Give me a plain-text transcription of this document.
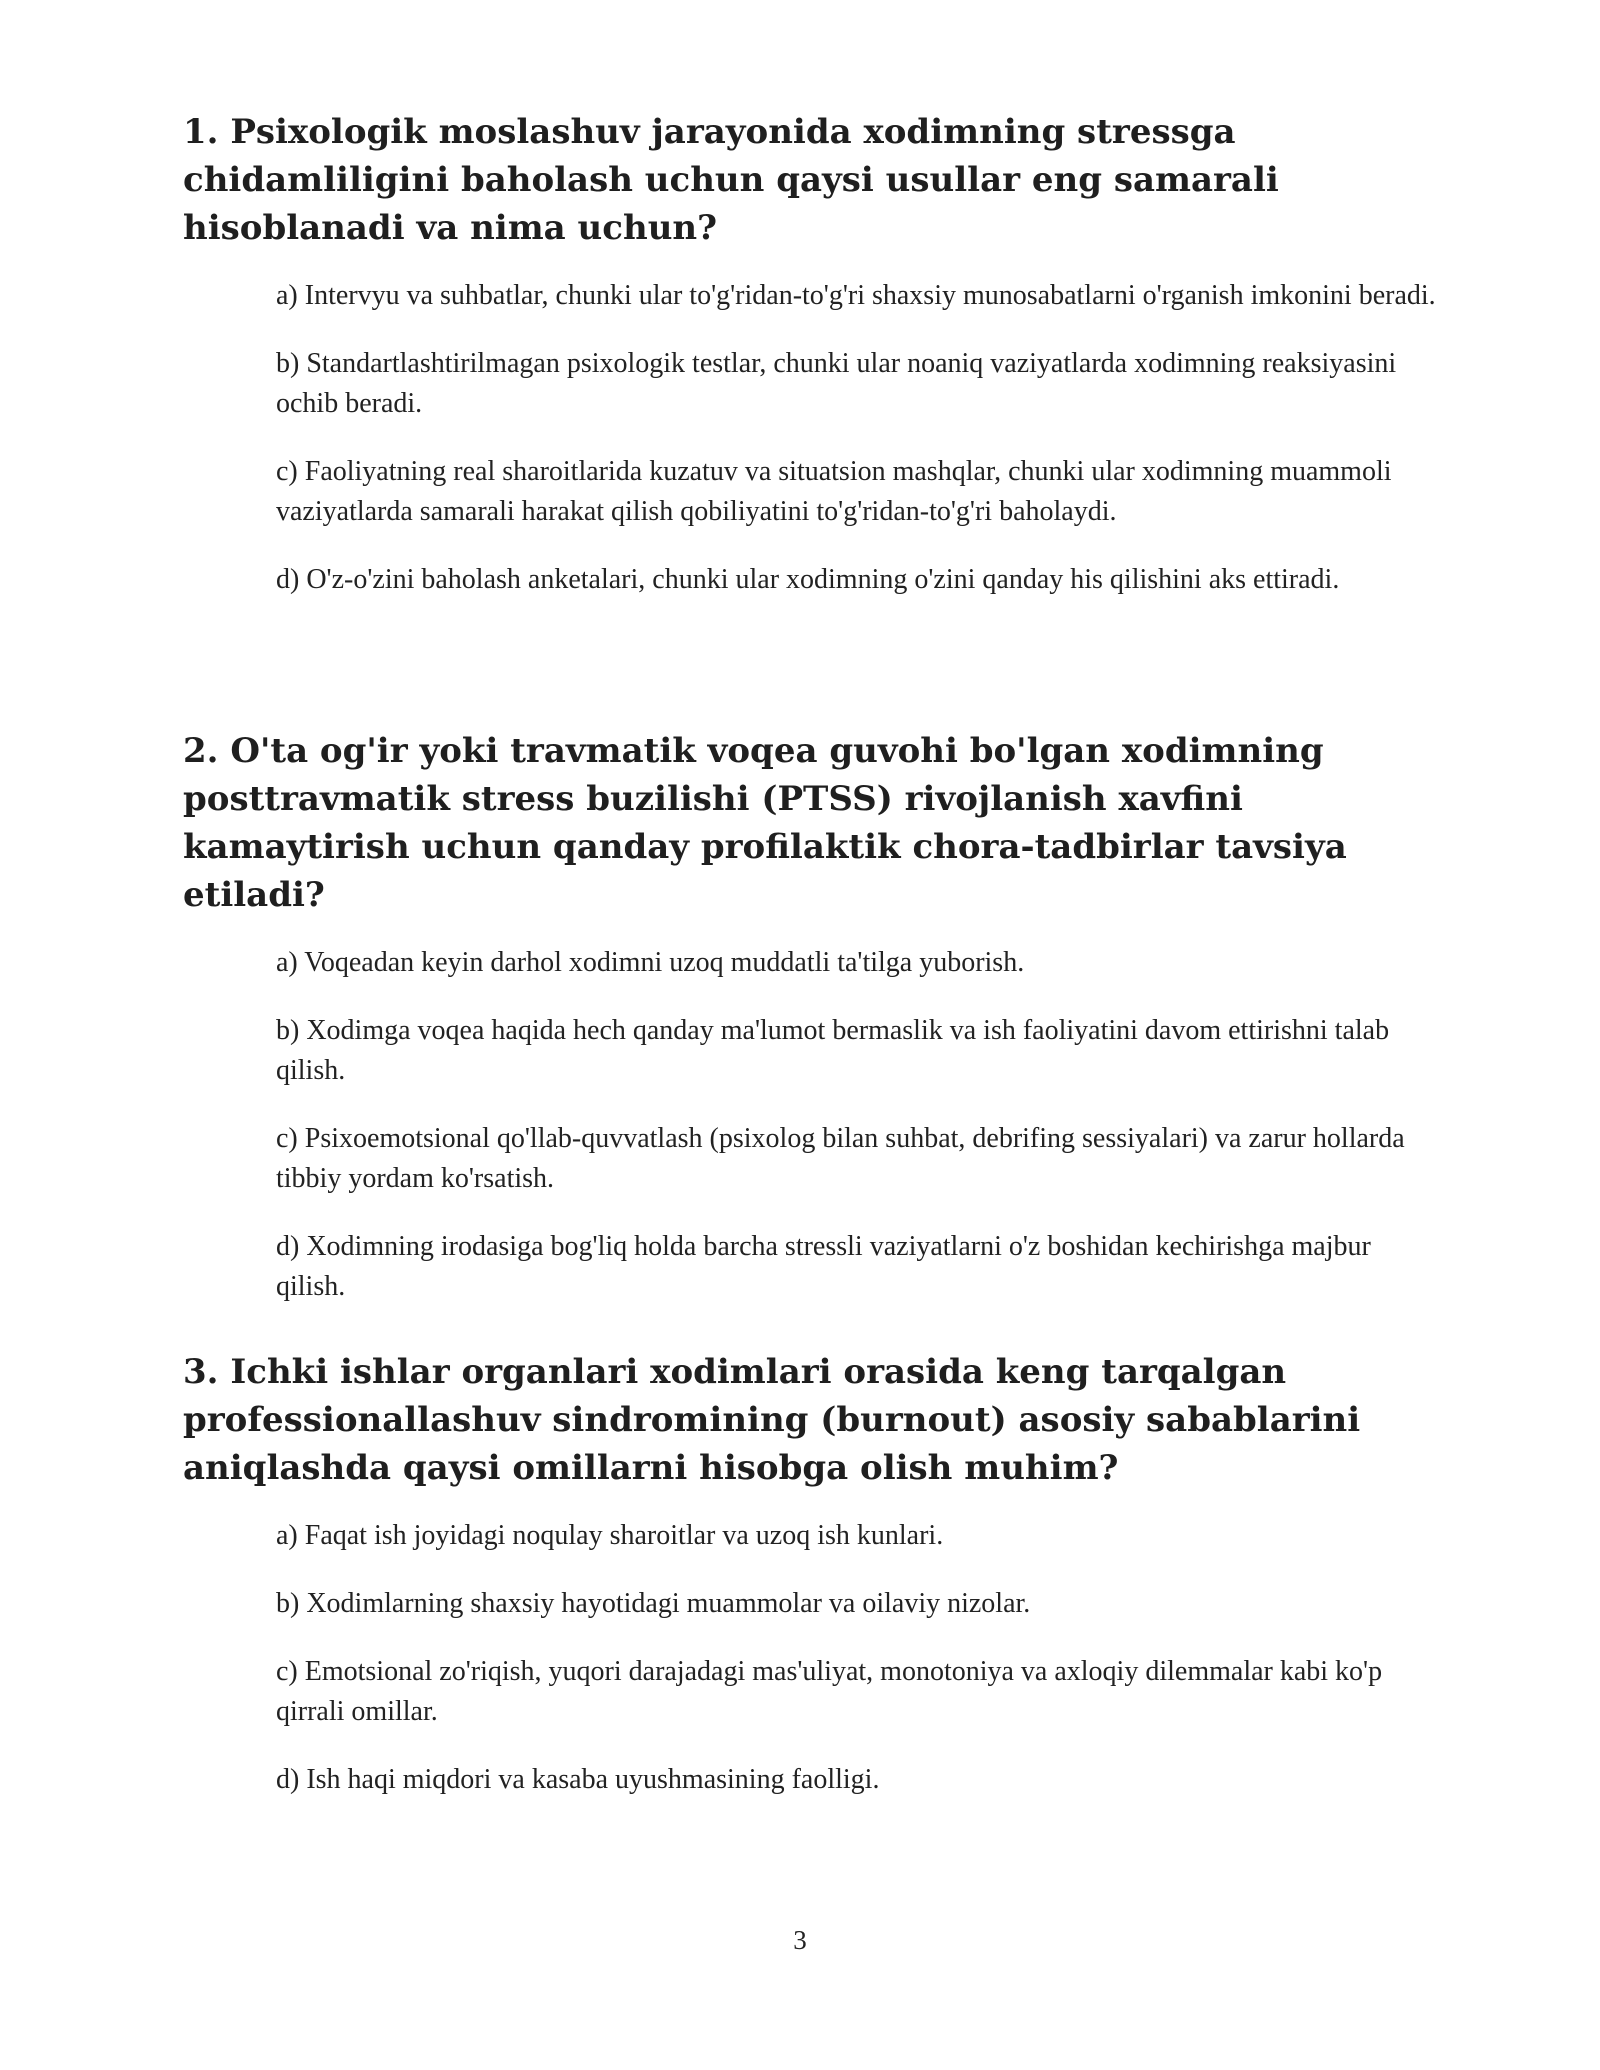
1. Psixologik moslashuv jarayonida xodimning stressga chidamliligini baholash uchun qaysi usullar eng samarali hisoblanadi va nima uchun?
a) Intervyu va suhbatlar, chunki ular to'g'ridan-to'g'ri shaxsiy munosabatlarni o'rganish imkonini beradi.
b) Standartlashtirilmagan psixologik testlar, chunki ular noaniq vaziyatlarda xodimning reaksiyasini ochib beradi.
c) Faoliyatning real sharoitlarida kuzatuv va situatsion mashqlar, chunki ular xodimning muammoli vaziyatlarda samarali harakat qilish qobiliyatini to'g'ridan-to'g'ri baholaydi.
d) O'z-o'zini baholash anketalari, chunki ular xodimning o'zini qanday his qilishini aks ettiradi.
2. O'ta og'ir yoki travmatik voqea guvohi bo'lgan xodimning posttravmatik stress buzilishi (PTSS) rivojlanish xavfini kamaytirish uchun qanday profilaktik chora-tadbirlar tavsiya etiladi?
a) Voqeadan keyin darhol xodimni uzoq muddatli ta'tilga yuborish.
b) Xodimga voqea haqida hech qanday ma'lumot bermaslik va ish faoliyatini davom ettirishni talab qilish.
c) Psixoemotsional qo'llab-quvvatlash (psixolog bilan suhbat, debrifing sessiyalari) va zarur hollarda tibbiy yordam ko'rsatish.
d) Xodimning irodasiga bog'liq holda barcha stressli vaziyatlarni o'z boshidan kechirishga majbur qilish.
3. Ichki ishlar organlari xodimlari orasida keng tarqalgan professionallashuv sindromining (burnout) asosiy sabablarini aniqlashda qaysi omillarni hisobga olish muhim?
a) Faqat ish joyidagi noqulay sharoitlar va uzoq ish kunlari.
b) Xodimlarning shaxsiy hayotidagi muammolar va oilaviy nizolar.
c) Emotsional zo'riqish, yuqori darajadagi mas'uliyat, monotoniya va axloqiy dilemmalar kabi ko'p qirrali omillar.
d) Ish haqi miqdori va kasaba uyushmasining faolligi.
3
